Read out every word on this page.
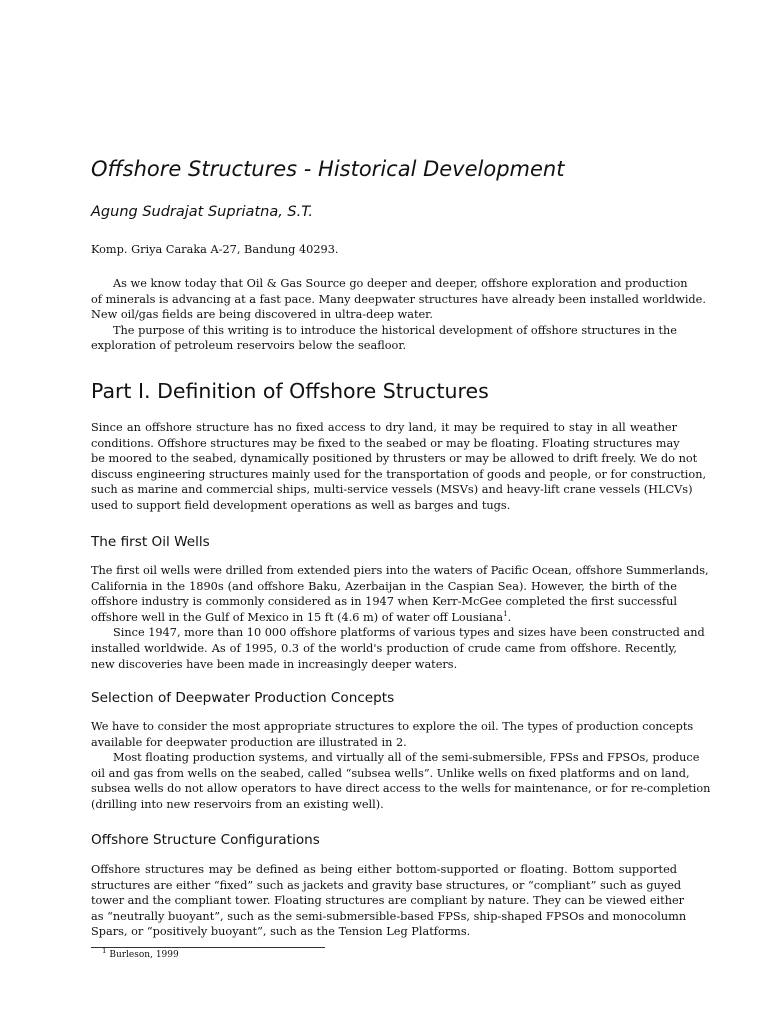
Offshore Structures - Historical Development

Agung Sudrajat Supriatna, S.T.

Komp. Griya Caraka A-27, Bandung 40293.

As we know today that Oil & Gas Source go deeper and deeper, offshore exploration and production
of minerals is advancing at a fast pace. Many deepwater structures have already been installed worldwide.
New oil/gas fields are being discovered in ultra-deep water.
The purpose of this writing is to introduce the historical development of offshore structures in the
exploration of petroleum reservoirs below the seafloor.
Part I. Definition of Offshore Structures
Since an offshore structure has no fixed access to dry land, it may be required to stay in all weather
conditions. Offshore structures may be fixed to the seabed or may be floating. Floating structures may
be moored to the seabed, dynamically positioned by thrusters or may be allowed to drift freely. We do not
discuss engineering structures mainly used for the transportation of goods and people, or for construction,
such as marine and commercial ships, multi-service vessels (MSVs) and heavy-lift crane vessels (HLCVs)
used to support field development operations as well as barges and tugs.
The first Oil Wells
The first oil wells were drilled from extended piers into the waters of Pacific Ocean, offshore Summerlands,
California in the 1890s (and offshore Baku, Azerbaijan in the Caspian Sea). However, the birth of the
offshore industry is commonly considered as in 1947 when Kerr-McGee completed the first successful
offshore well in the Gulf of Mexico in 15 ft (4.6 m) of water off Lousiana$^1$.
Since 1947, more than 10 000 offshore platforms of various types and sizes have been constructed and
installed worldwide. As of 1995, 0.3 of the world's production of crude came from offshore. Recently,
new discoveries have been made in increasingly deeper waters.
Selection of Deepwater Production Concepts
We have to consider the most appropriate structures to explore the oil. The types of production concepts
available for deepwater production are illustrated in 2.
Most floating production systems, and virtually all of the semi-submersible, FPSs and FPSOs, produce
oil and gas from wells on the seabed, called “subsea wells”. Unlike wells on fixed platforms and on land,
subsea wells do not allow operators to have direct access to the wells for maintenance, or for re-completion
(drilling into new reservoirs from an existing well).
Offshore Structure Configurations
Offshore structures may be defined as being either bottom-supported or floating. Bottom supported
structures are either “fixed” such as jackets and gravity base structures, or “compliant” such as guyed
tower and the compliant tower. Floating structures are compliant by nature. They can be viewed either
as “neutrally buoyant”, such as the semi-submersible-based FPSs, ship-shaped FPSOs and monocolumn
Spars, or “positively buoyant”, such as the Tension Leg Platforms.

$^1$ Burleson, 1999
